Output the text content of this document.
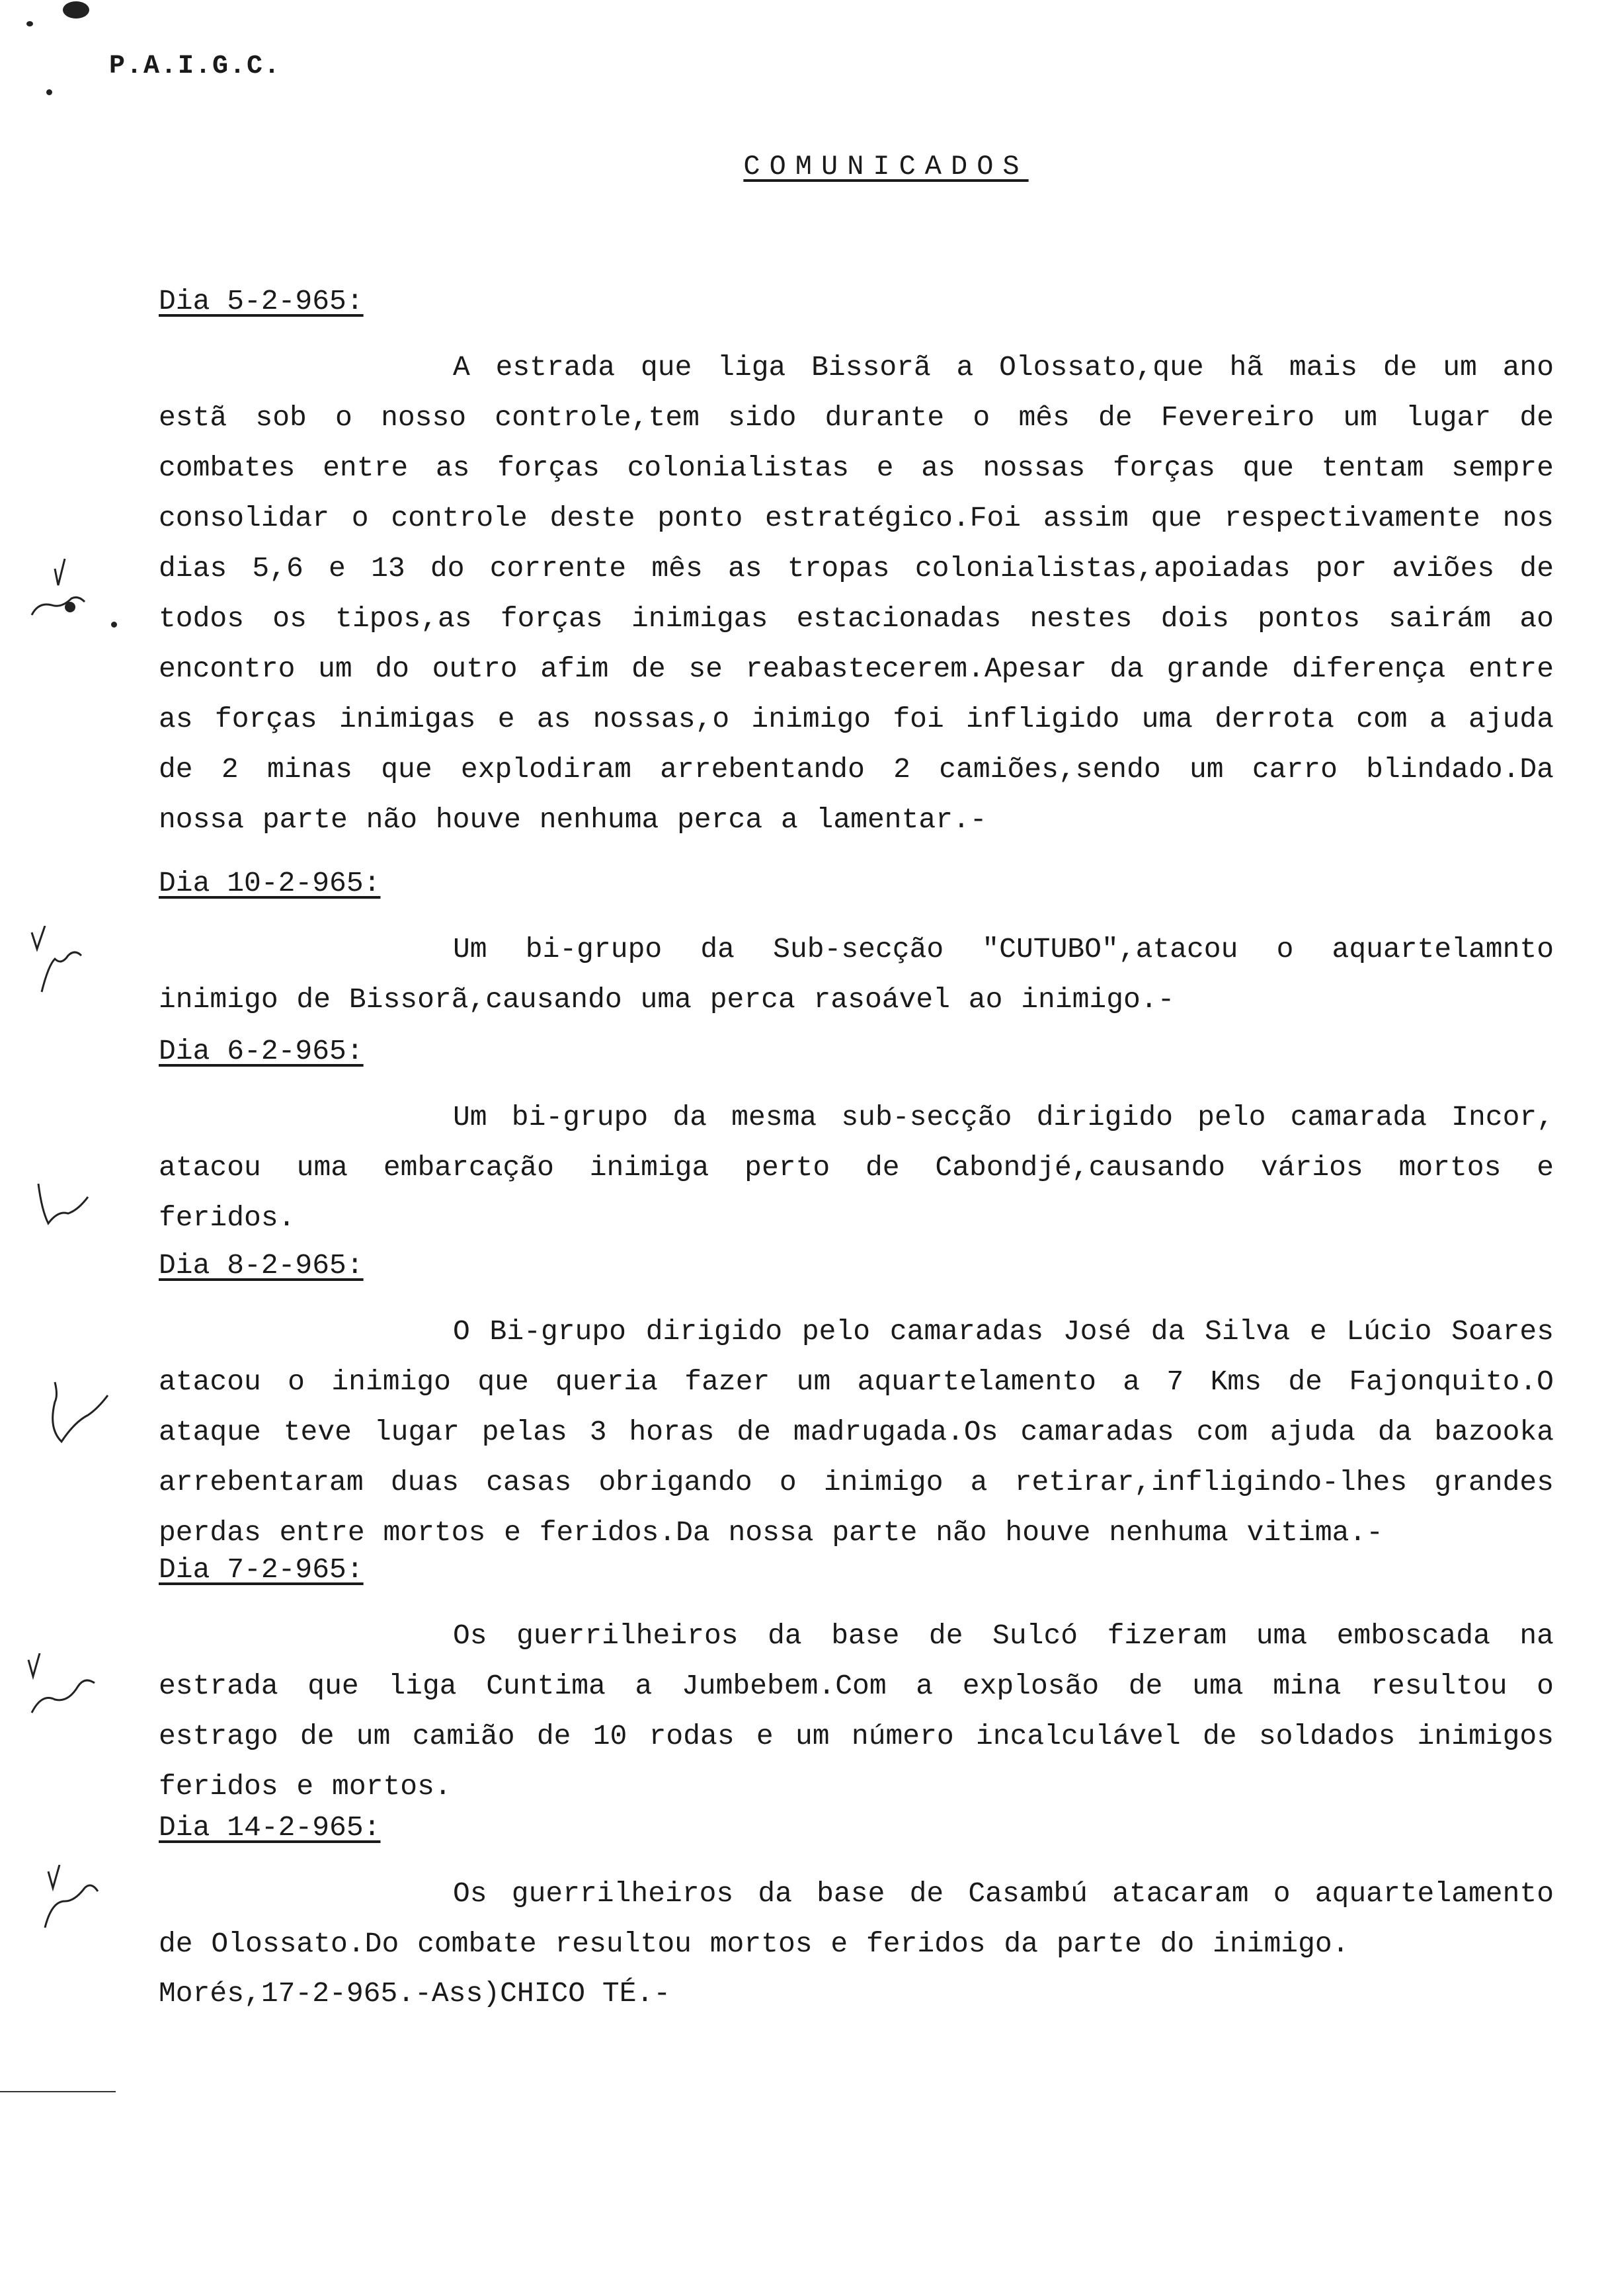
P.A.I.G.C.
COMUNICADOS
Dia 5-2-965:

A estrada que liga Bissorã a Olossato,que hã mais de um ano estã sob o nosso controle,tem sido durante o mês de Fevereiro um lugar de combates entre as forças colonialistas e as nossas forças que tentam sempre consolidar o controle deste ponto estratégico.Foi assim que respectivamente nos dias 5,6 e 13 do corrente mês as tropas colonialistas,apoiadas por aviões de todos os tipos,as forças inimigas estacionadas nestes dois pontos sairám ao encontro um do outro afim de se reabastecerem.Apesar da grande diferença entre as forças inimigas e as nossas,o inimigo foi infligido uma derrota com a ajuda de 2 minas que explodiram arrebentando 2 camiões,sendo um carro blindado.Da nossa parte não houve nenhuma perca a lamentar.-

Dia 10-2-965:

Um bi-grupo da Sub-secção "CUTUBO",atacou o aquartelamnto inimigo de Bissorã,causando uma perca rasoável ao inimigo.-

Dia 6-2-965:

Um bi-grupo da mesma sub-secção dirigido pelo camarada Incor, atacou uma embarcação inimiga perto de Cabondjé,causando vários mortos e feridos.

Dia 8-2-965:

O Bi-grupo dirigido pelo camaradas José da Silva e Lúcio Soares atacou o inimigo que queria fazer um aquartelamento a 7 Kms de Fajonquito.O ataque teve lugar pelas 3 horas de madrugada.Os camaradas com ajuda da bazooka arrebentaram duas casas obrigando o inimigo a retirar,infligindo-lhes grandes perdas entre mortos e feridos.Da nossa parte não houve nenhuma vitima.-

Dia 7-2-965:

Os guerrilheiros da base de Sulcó fizeram uma emboscada na estrada que liga Cuntima a Jumbebem.Com a explosão de uma mina resultou o estrago de um camião de 10 rodas e um número incalculável de soldados inimigos feridos e mortos.

Dia 14-2-965:

Os guerrilheiros da base de Casambú atacaram o aquartelamento de Olossato.Do combate resultou mortos e feridos da parte do inimigo.

Morés,17-2-965.-Ass)CHICO TÉ.-
